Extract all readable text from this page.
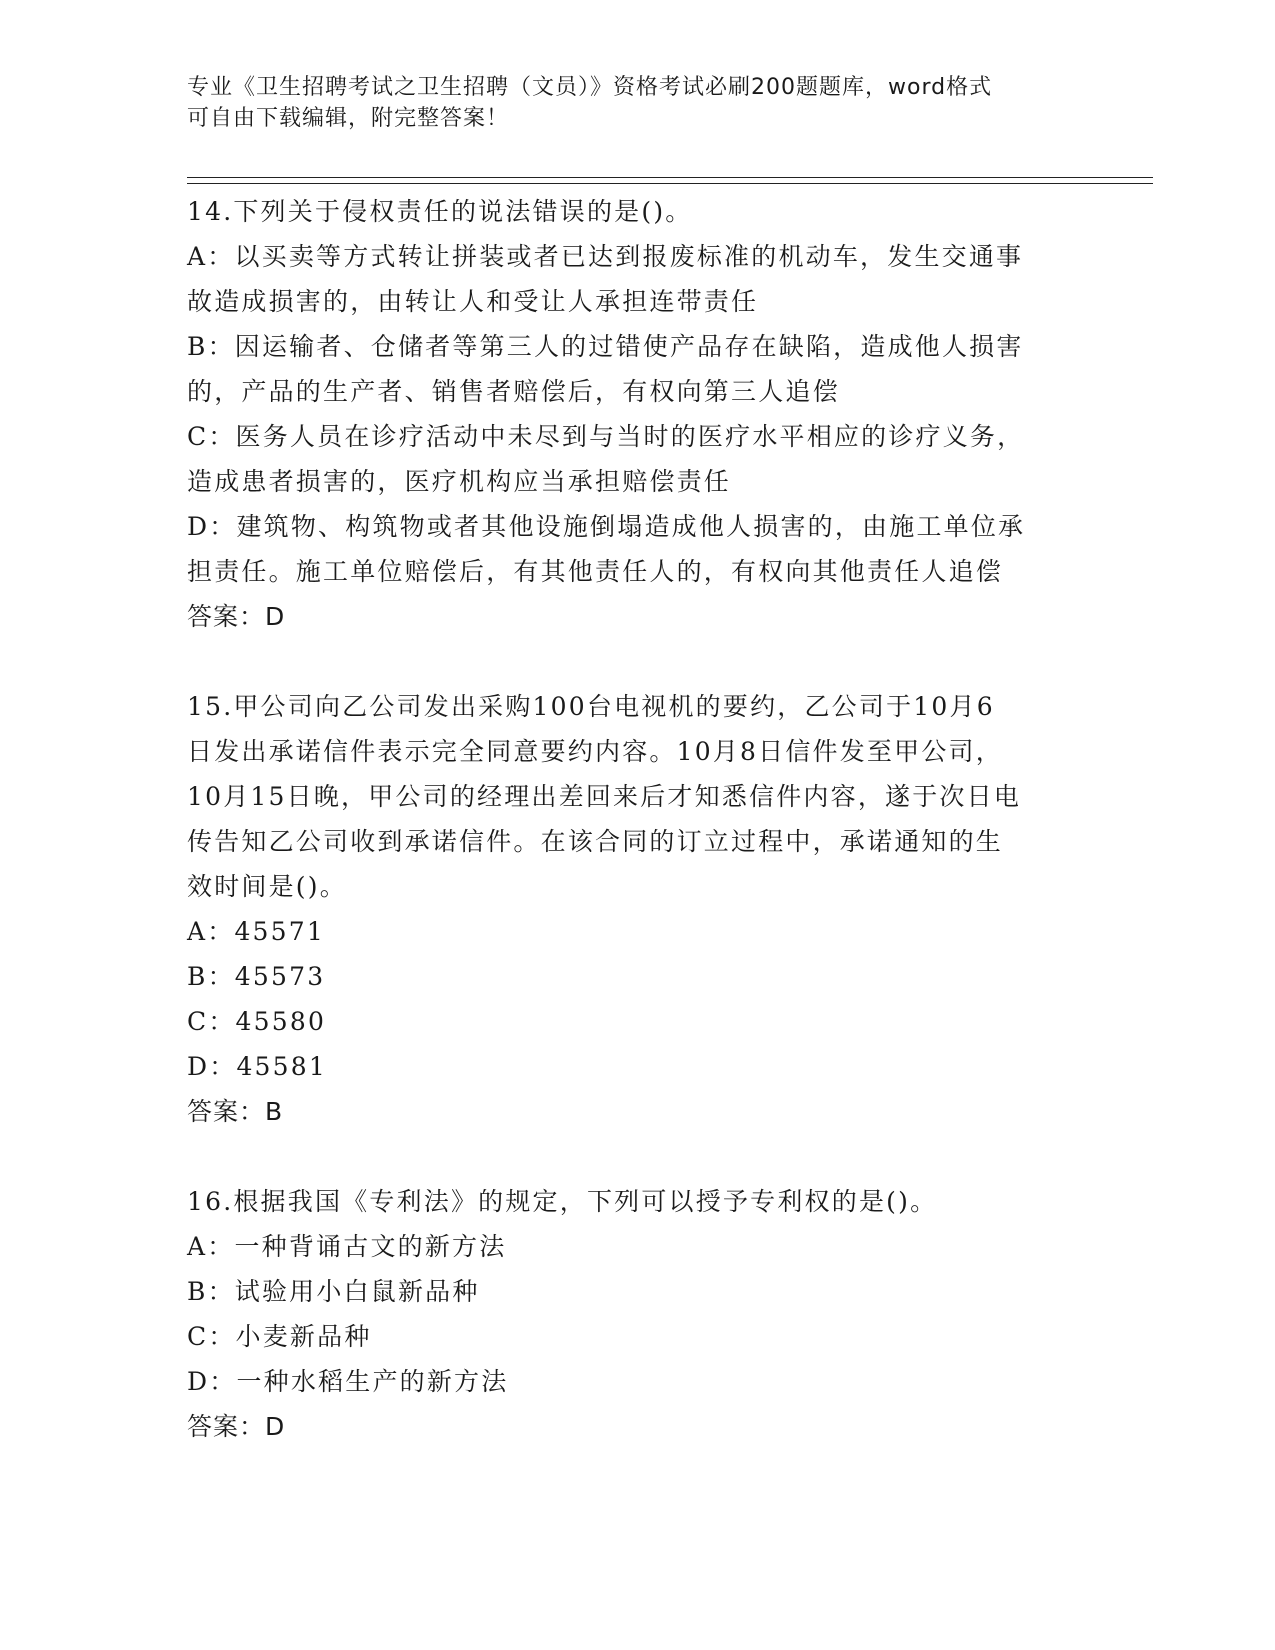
专业《卫生招聘考试之卫生招聘（文员）》资格考试必刷200题题库，word格式
可自由下载编辑，附完整答案！
14.下列关于侵权责任的说法错误的是()。
A：以买卖等方式转让拼装或者已达到报废标准的机动车，发生交通事
故造成损害的，由转让人和受让人承担连带责任
B：因运输者、仓储者等第三人的过错使产品存在缺陷，造成他人损害
的，产品的生产者、销售者赔偿后，有权向第三人追偿
C：医务人员在诊疗活动中未尽到与当时的医疗水平相应的诊疗义务，
造成患者损害的，医疗机构应当承担赔偿责任
D：建筑物、构筑物或者其他设施倒塌造成他人损害的，由施工单位承
担责任。施工单位赔偿后，有其他责任人的，有权向其他责任人追偿
答案：D
15.甲公司向乙公司发出采购100台电视机的要约，乙公司于10月6
日发出承诺信件表示完全同意要约内容。10月8日信件发至甲公司，
10月15日晚，甲公司的经理出差回来后才知悉信件内容，遂于次日电
传告知乙公司收到承诺信件。在该合同的订立过程中，承诺通知的生
效时间是()。
A：45571
B：45573
C：45580
D：45581
答案：B
16.根据我国《专利法》的规定，下列可以授予专利权的是()。
A：一种背诵古文的新方法
B：试验用小白鼠新品种
C：小麦新品种
D：一种水稻生产的新方法
答案：D
